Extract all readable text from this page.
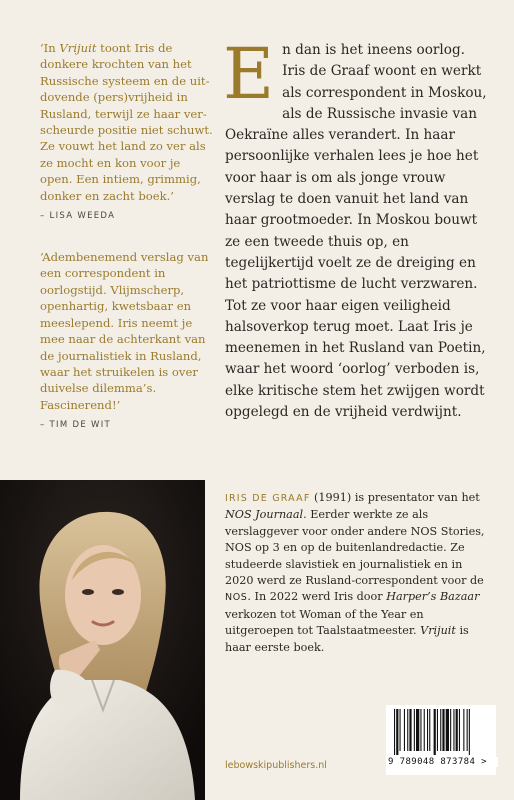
‘In Vrijuit toont Iris de donkere krochten van het Russische systeem en de uitdovende (pers)vrijheid in Rusland, terwijl ze haar verscheurde positie niet schuwt. Ze vouwt het land zo ver als ze mocht en kon voor je open. Een intiem, grimmig, donker en zacht boek.’

– LISA WEEDA

‘Adembenemend verslag van een correspondent in oorlogstijd. Vlijmscherp, openhartig, kwetsbaar en meeslepend. Iris neemt je mee naar de achterkant van de journalistiek in Rusland, waar het struikelen is over duivelse dilemma’s. Fascinerend!’

– TIM DE WIT

En dan is het ineens oorlog. Iris de Graaf woont en werkt als correspondent in Moskou, als de Russische invasie van Oekraïne alles verandert. In haar persoonlijke verhalen lees je hoe het voor haar is om als jonge vrouw verslag te doen vanuit het land van haar grootmoeder. In Moskou bouwt ze een tweede thuis op, en tegelijkertijd voelt ze de dreiging en het patriottisme de lucht verzwaren. Tot ze voor haar eigen veiligheid halsoverkop terug moet. Laat Iris je meenemen in het Rusland van Poetin, waar het woord ‘oorlog’ verboden is, elke kritische stem het zwijgen wordt opgelegd en de vrijheid verdwijnt.

IRIS DE GRAAF (1991) is presentator van het NOS Journaal. Eerder werkte ze als verslaggever voor onder andere NOS Stories, NOS op 3 en op de buitenlandredactie. Ze studeerde slavistiek en journalistiek en in 2020 werd ze Rusland-correspondent voor de NOS. In 2022 werd Iris door Harper’s Bazaar verkozen tot Woman of the Year en uitgeroepen tot Taalstaatmeester. Vrijuit is haar eerste boek.

lebowskipublishers.nl	9 789048 873784 >
